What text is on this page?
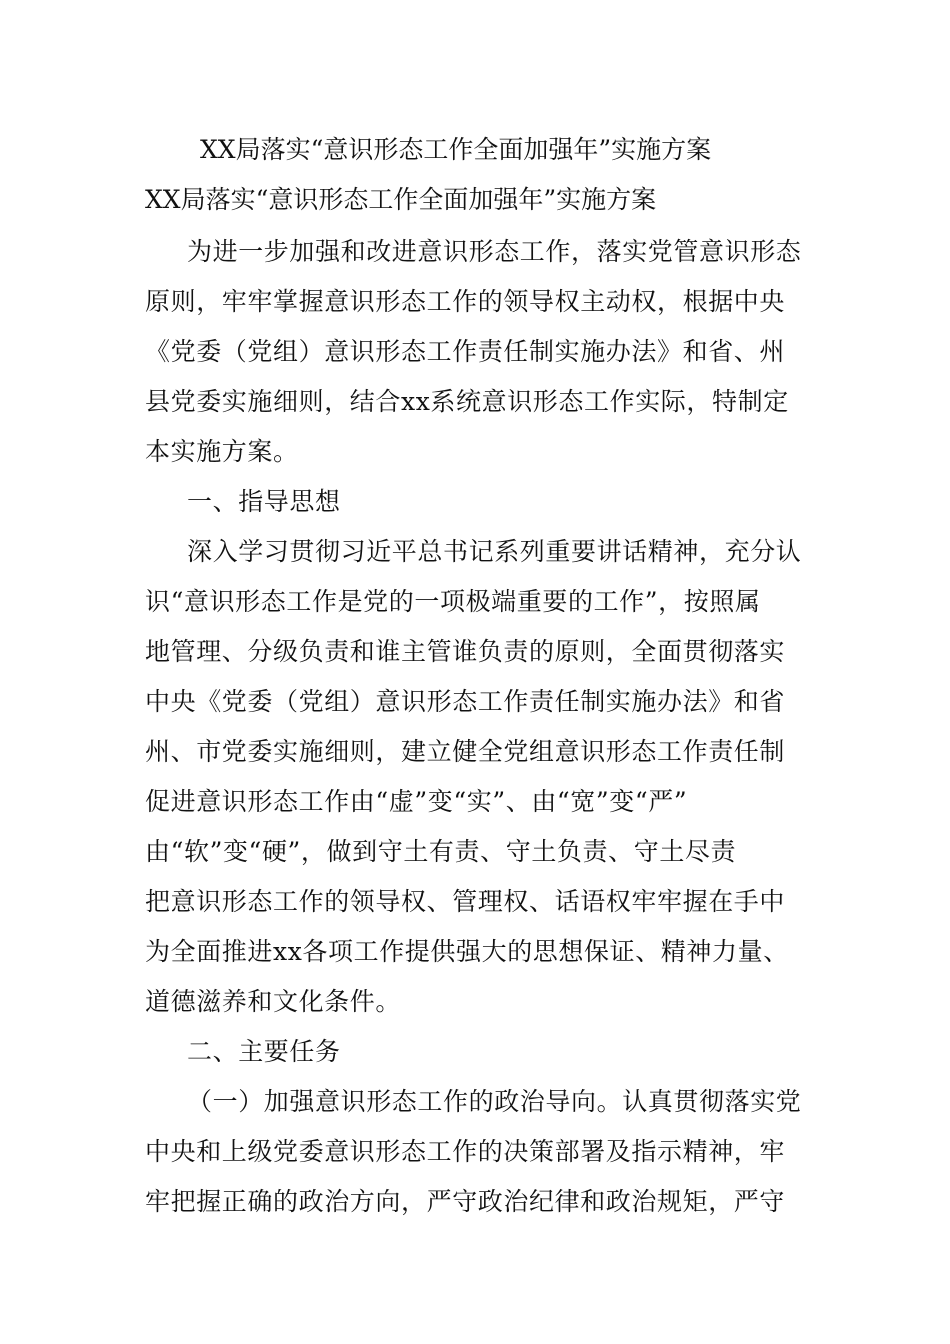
XX局落实“意识形态工作全面加强年”实施方案
XX局落实“意识形态工作全面加强年”实施方案
为进一步加强和改进意识形态工作，落实党管意识形态
原则，牢牢掌握意识形态工作的领导权主动权，根据中央
《党委（党组）意识形态工作责任制实施办法》和省、州
县党委实施细则，结合xx系统意识形态工作实际，特制定
本实施方案。
一、指导思想
深入学习贯彻习近平总书记系列重要讲话精神，充分认
识“意识形态工作是党的一项极端重要的工作”，按照属
地管理、分级负责和谁主管谁负责的原则，全面贯彻落实
中央《党委（党组）意识形态工作责任制实施办法》和省
州、市党委实施细则，建立健全党组意识形态工作责任制
促进意识形态工作由“虚”变“实”、由“宽”变“严”
由“软”变“硬”，做到守土有责、守土负责、守土尽责
把意识形态工作的领导权、管理权、话语权牢牢握在手中
为全面推进xx各项工作提供强大的思想保证、精神力量、
道德滋养和文化条件。
二、主要任务
（一）加强意识形态工作的政治导向。认真贯彻落实党
中央和上级党委意识形态工作的决策部署及指示精神，牢
牢把握正确的政治方向，严守政治纪律和政治规矩，严守
